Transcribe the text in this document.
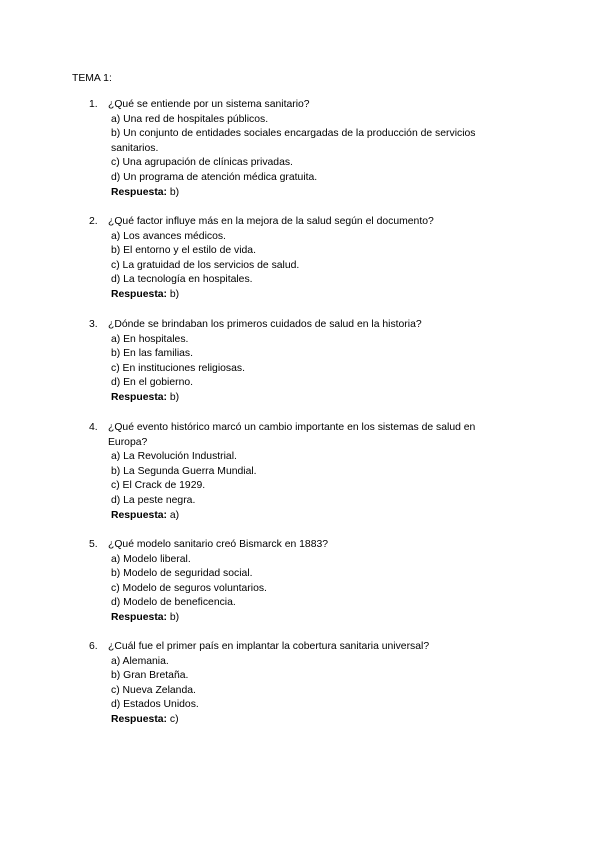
TEMA 1:
1. ¿Qué se entiende por un sistema sanitario?
a) Una red de hospitales públicos.
b) Un conjunto de entidades sociales encargadas de la producción de servicios sanitarios.
c) Una agrupación de clínicas privadas.
d) Un programa de atención médica gratuita.
Respuesta: b)
2. ¿Qué factor influye más en la mejora de la salud según el documento?
a) Los avances médicos.
b) El entorno y el estilo de vida.
c) La gratuidad de los servicios de salud.
d) La tecnología en hospitales.
Respuesta: b)
3. ¿Dónde se brindaban los primeros cuidados de salud en la historia?
a) En hospitales.
b) En las familias.
c) En instituciones religiosas.
d) En el gobierno.
Respuesta: b)
4. ¿Qué evento histórico marcó un cambio importante en los sistemas de salud en Europa?
a) La Revolución Industrial.
b) La Segunda Guerra Mundial.
c) El Crack de 1929.
d) La peste negra.
Respuesta: a)
5. ¿Qué modelo sanitario creó Bismarck en 1883?
a) Modelo liberal.
b) Modelo de seguridad social.
c) Modelo de seguros voluntarios.
d) Modelo de beneficencia.
Respuesta: b)
6. ¿Cuál fue el primer país en implantar la cobertura sanitaria universal?
a) Alemania.
b) Gran Bretaña.
c) Nueva Zelanda.
d) Estados Unidos.
Respuesta: c)
